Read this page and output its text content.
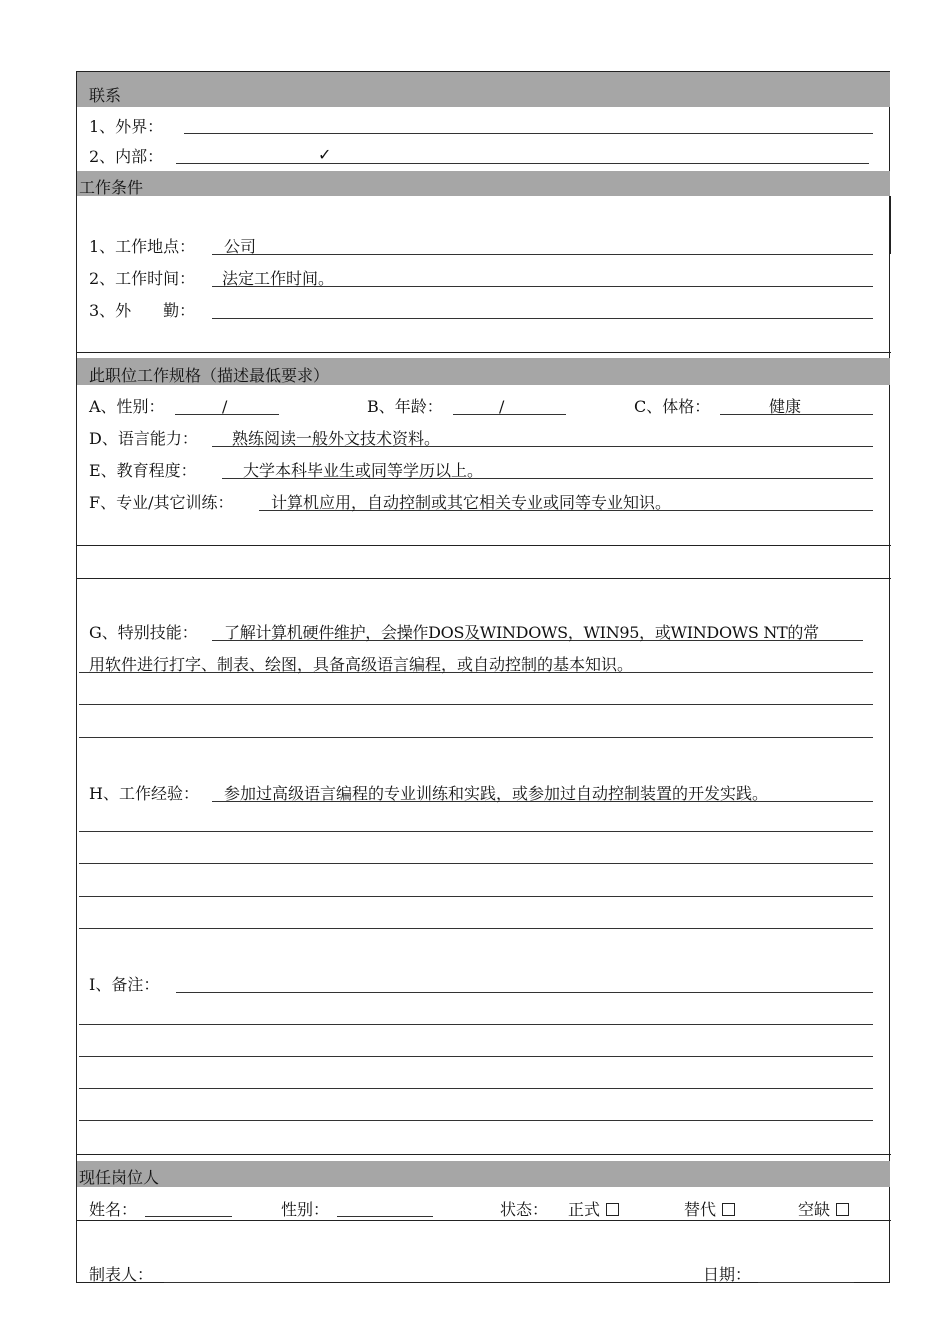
联系
1、外界：
2、内部：	✓
工作条件
1、工作地点： 公司
2、工作时间： 法定工作时间。
3、外　　勤：
此职位工作规格（描述最低要求）
A、性别：	/	B、年龄：	/	C、体格：	健康
D、语言能力： 熟练阅读一般外文技术资料。
E、教育程度：	大学本科毕业生或同等学历以上。
F、专业/其它训练： 计算机应用，自动控制或其它相关专业或同等专业知识。
G、特别技能： 了解计算机硬件维护，会操作DOS及WINDOWS，WIN95，或WINDOWS NT的常
用软件进行打字、制表、绘图，具备高级语言编程，或自动控制的基本知识。
H、工作经验： 参加过高级语言编程的专业训练和实践，或参加过自动控制装置的开发实践。
I、备注：
现任岗位人
姓名：	性别：	状态： 正式	替代	空缺
制表人：	日期：
